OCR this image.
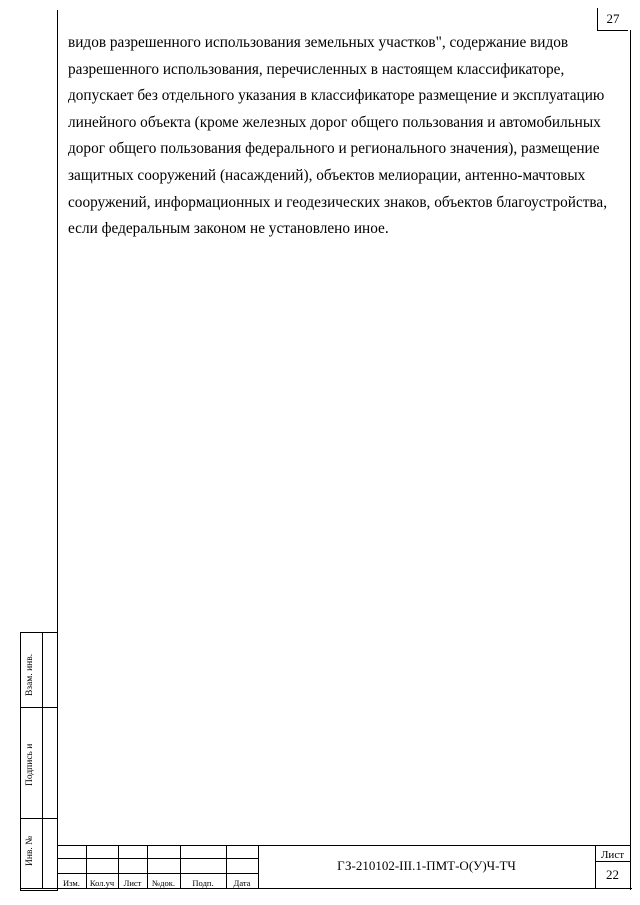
27
видов разрешенного использования земельных участков", содержание видов
разрешенного использования, перечисленных в настоящем классификаторе,
допускает без отдельного указания в классификаторе размещение и эксплуатацию
линейного объекта (кроме железных дорог общего пользования и автомобильных
дорог общего пользования федерального и регионального значения), размещение
защитных сооружений (насаждений), объектов мелиорации, антенно-мачтовых
сооружений, информационных и геодезических знаков, объектов благоустройства,
если федеральным законом не установлено иное.
Взам. инв.
Подпись и
Инв. №
Изм.	Кол.уч	Лист	№док.	Подп.	Дата
ГЗ-210102-III.1-ПМТ-О(У)Ч-ТЧ
Лист
22
